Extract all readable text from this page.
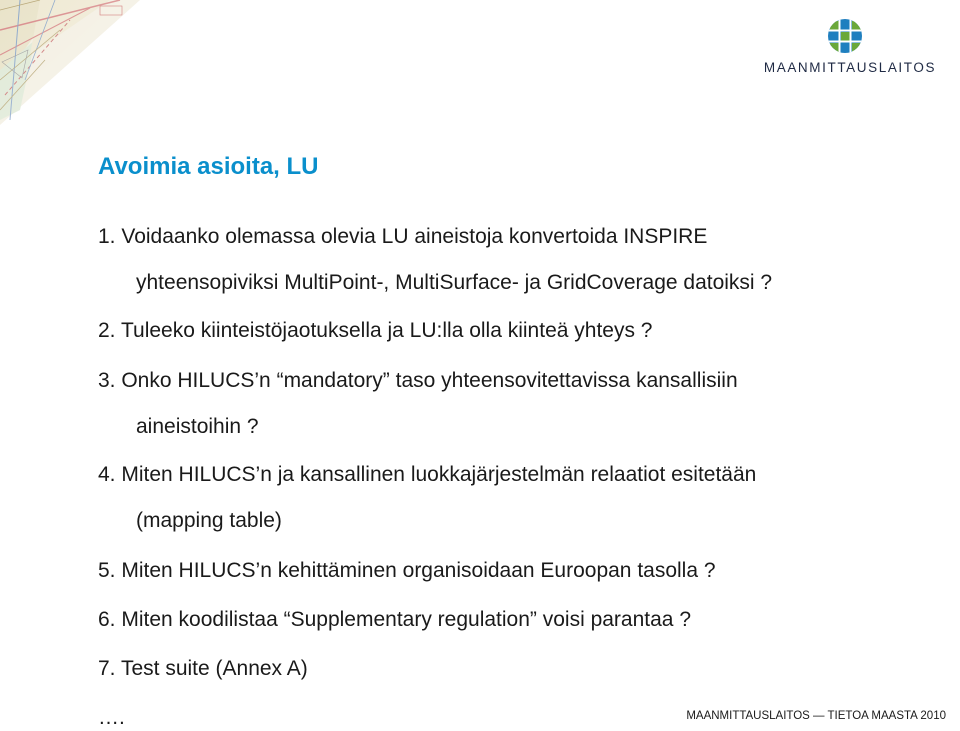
MAANMITTAUSLAITOS
Avoimia asioita, LU
1. Voidaanko olemassa olevia LU aineistoja konvertoida INSPIRE
yhteensopiviksi MultiPoint-, MultiSurface- ja GridCoverage datoiksi ?
2. Tuleeko kiinteistöjaotuksella ja LU:lla olla kiinteä yhteys ?
3. Onko HILUCS’n “mandatory” taso yhteensovitettavissa kansallisiin
aineistoihin ?
4. Miten HILUCS’n ja kansallinen luokkajärjestelmän relaatiot esitetään
(mapping table)
5. Miten HILUCS’n kehittäminen organisoidaan Euroopan tasolla ?
6. Miten koodilistaa “Supplementary regulation” voisi parantaa ?
7. Test suite (Annex A)
….	MAANMITTAUSLAITOS — TIETOA MAASTA 2010
